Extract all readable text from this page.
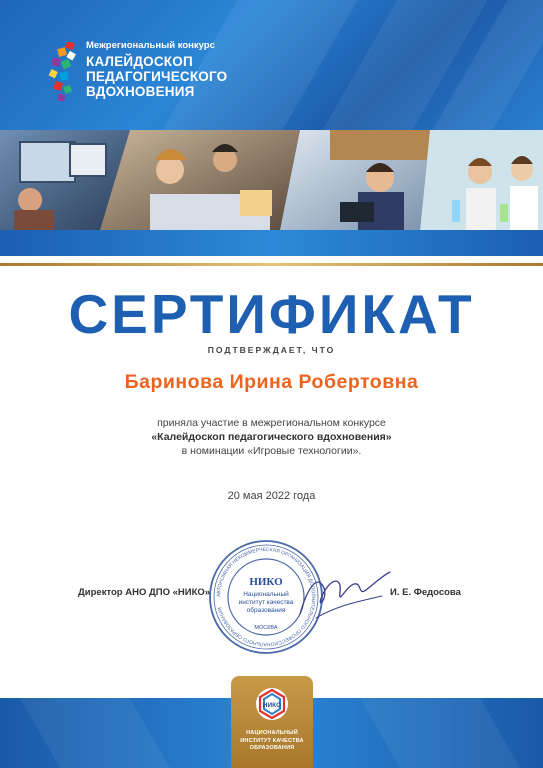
Межрегиональный конкурс
КАЛЕЙДОСКОП
ПЕДАГОГИЧЕСКОГО
ВДОХНОВЕНИЯ
СЕРТИФИКАТ
ПОДТВЕРЖДАЕТ, ЧТО
Баринова Ирина Робертовна
приняла участие в межрегиональном конкурсе
«Калейдоскоп педагогического вдохновения»
в номинации «Игровые технологии».
20 мая 2022 года
Директор АНО ДПО «НИКО» АВТОНОМНАЯ НЕКОММЕРЧЕСКАЯ ОРГАНИЗАЦИЯ ДОПОЛНИТЕЛЬНОГО ПРОФЕССИОНАЛЬНОГО ОБРАЗОВАНИЯ
НИКО
Национальный
институт качества
образования
МОСКВА
И. Е. Федосова
НИКО
НАЦИОНАЛЬНЫЙ
ИНСТИТУТ КАЧЕСТВА
ОБРАЗОВАНИЯ
